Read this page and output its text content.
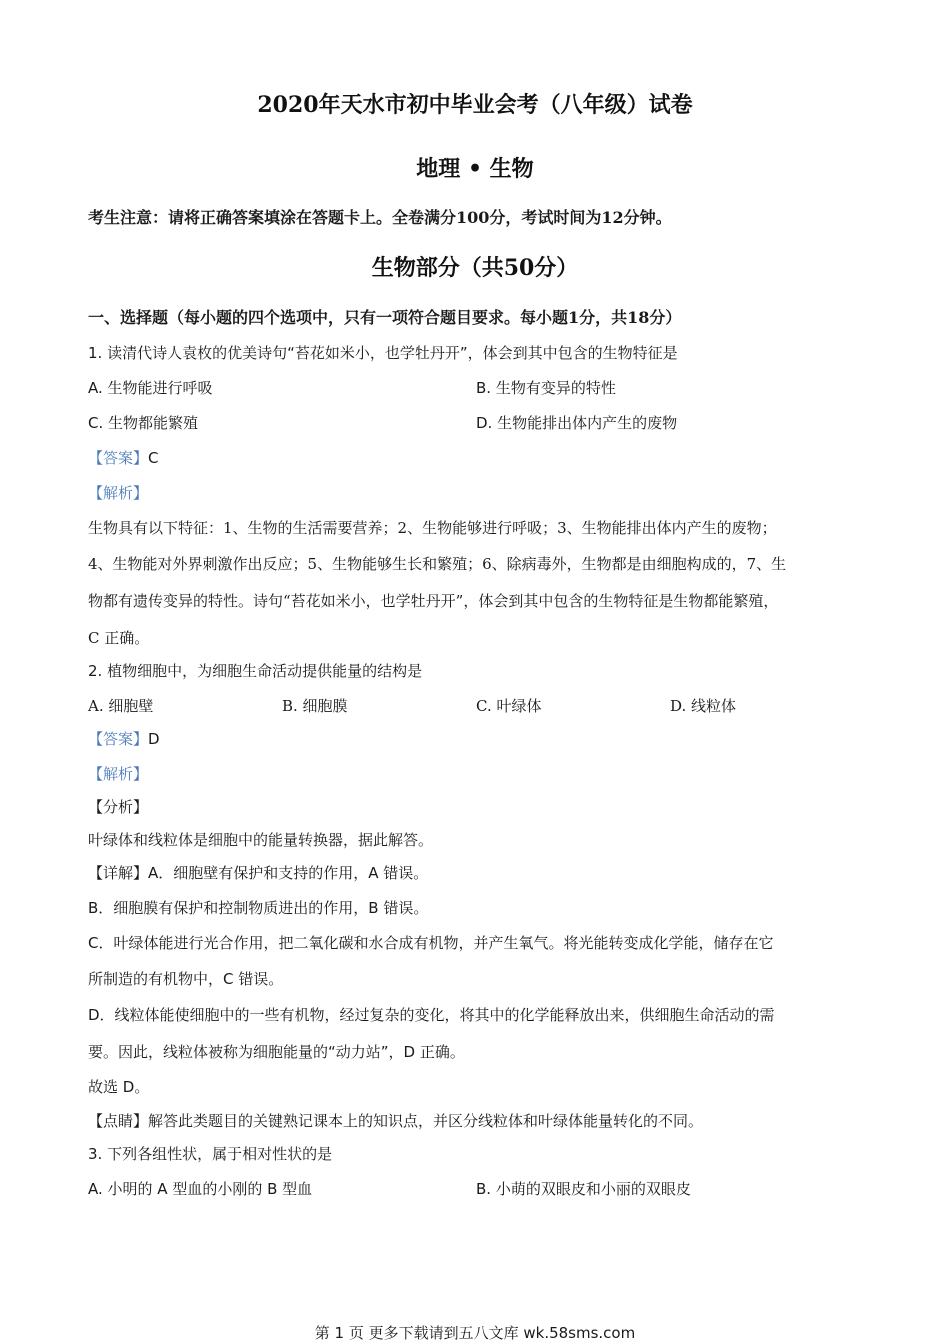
2020年天水市初中毕业会考（八年级）试卷
地理 • 生物
考生注意：请将正确答案填涂在答题卡上。全卷满分100分，考试时间为12分钟。
生物部分（共50分）
一、选择题（每小题的四个选项中，只有一项符合题目要求。每小题1分，共18分）
1. 读清代诗人袁枚的优美诗句“苔花如米小，也学牡丹开”，体会到其中包含的生物特征是
A. 生物能进行呼吸	B. 生物有变异的特性
C. 生物都能繁殖	D. 生物能排出体内产生的废物
【答案】C
【解析】
生物具有以下特征：1、生物的生活需要营养；2、生物能够进行呼吸；3、生物能排出体内产生的废物；
4、生物能对外界刺激作出反应；5、生物能够生长和繁殖；6、除病毒外，生物都是由细胞构成的，7、生
物都有遗传变异的特性。诗句“苔花如米小，也学牡丹开”，体会到其中包含的生物特征是生物都能繁殖，
C 正确。
2. 植物细胞中，为细胞生命活动提供能量的结构是
A. 细胞壁	B. 细胞膜	C. 叶绿体	D. 线粒体
【答案】D
【解析】
【分析】
叶绿体和线粒体是细胞中的能量转换器，据此解答。
【详解】A．细胞壁有保护和支持的作用，A 错误。
B．细胞膜有保护和控制物质进出的作用，B 错误。
C．叶绿体能进行光合作用，把二氧化碳和水合成有机物，并产生氧气。将光能转变成化学能，储存在它
所制造的有机物中，C 错误。
D．线粒体能使细胞中的一些有机物，经过复杂的变化，将其中的化学能释放出来，供细胞生命活动的需
要。因此，线粒体被称为细胞能量的“动力站”，D 正确。
故选 D。
【点睛】解答此类题目的关键熟记课本上的知识点，并区分线粒体和叶绿体能量转化的不同。
3. 下列各组性状，属于相对性状的是
A. 小明的 A 型血的小刚的 B 型血	B. 小萌的双眼皮和小丽的双眼皮
第 1 页 更多下载请到五八文库 wk.58sms.com
